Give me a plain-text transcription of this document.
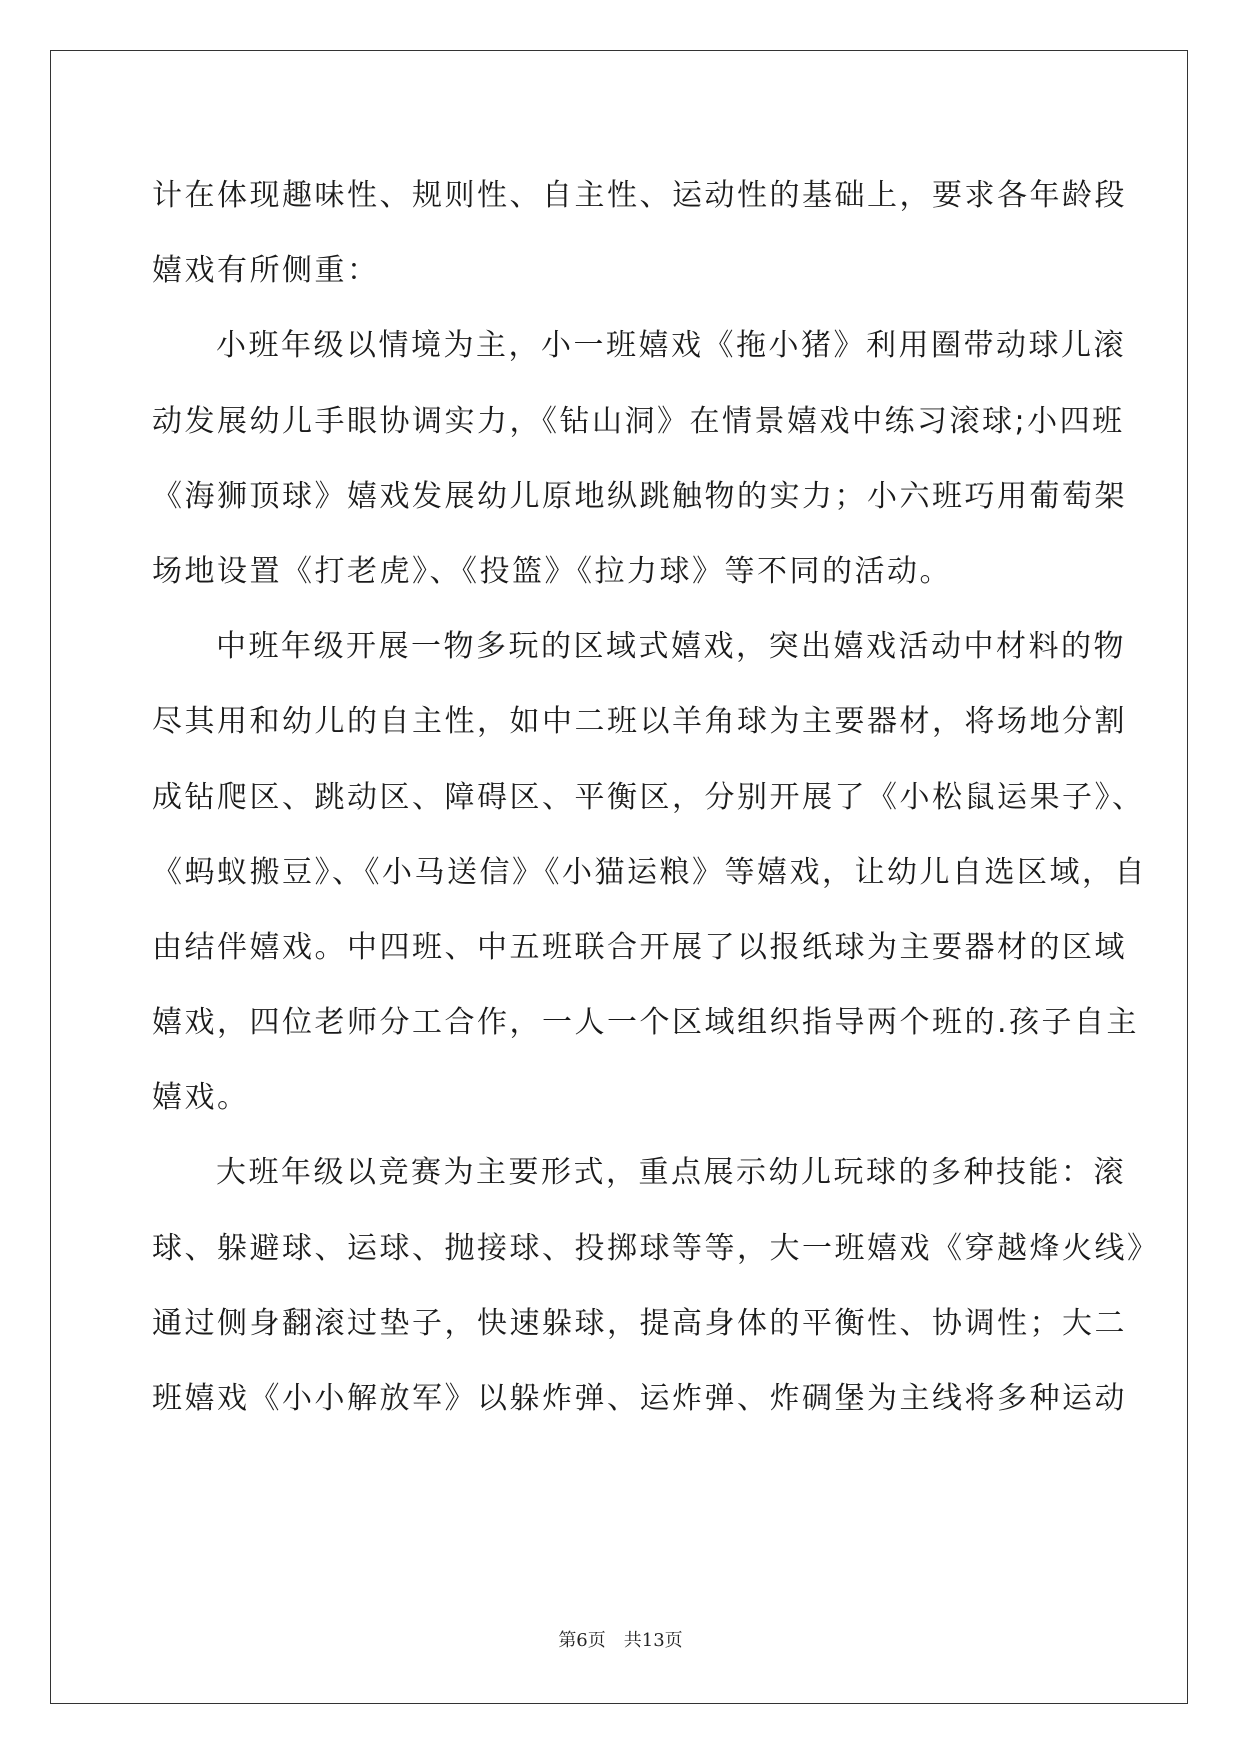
计在体现趣味性、规则性、自主性、运动性的基础上，要求各年龄段
嬉戏有所侧重：
小班年级以情境为主，小一班嬉戏《拖小猪》利用圈带动球儿滚
动发展幼儿手眼协调实力，《钻山洞》在情景嬉戏中练习滚球;小四班
《海狮顶球》嬉戏发展幼儿原地纵跳触物的实力；小六班巧用葡萄架
场地设置《打老虎》、《投篮》《拉力球》等不同的活动。
中班年级开展一物多玩的区域式嬉戏，突出嬉戏活动中材料的物
尽其用和幼儿的自主性，如中二班以羊角球为主要器材，将场地分割
成钻爬区、跳动区、障碍区、平衡区，分别开展了《小松鼠运果子》、
《蚂蚁搬豆》、《小马送信》《小猫运粮》等嬉戏，让幼儿自选区域，自
由结伴嬉戏。中四班、中五班联合开展了以报纸球为主要器材的区域
嬉戏，四位老师分工合作，一人一个区域组织指导两个班的.孩子自主
嬉戏。
大班年级以竞赛为主要形式，重点展示幼儿玩球的多种技能：滚
球、躲避球、运球、抛接球、投掷球等等，大一班嬉戏《穿越烽火线》
通过侧身翻滚过垫子，快速躲球，提高身体的平衡性、协调性；大二
班嬉戏《小小解放军》以躲炸弹、运炸弹、炸碉堡为主线将多种运动
第6页　共13页
